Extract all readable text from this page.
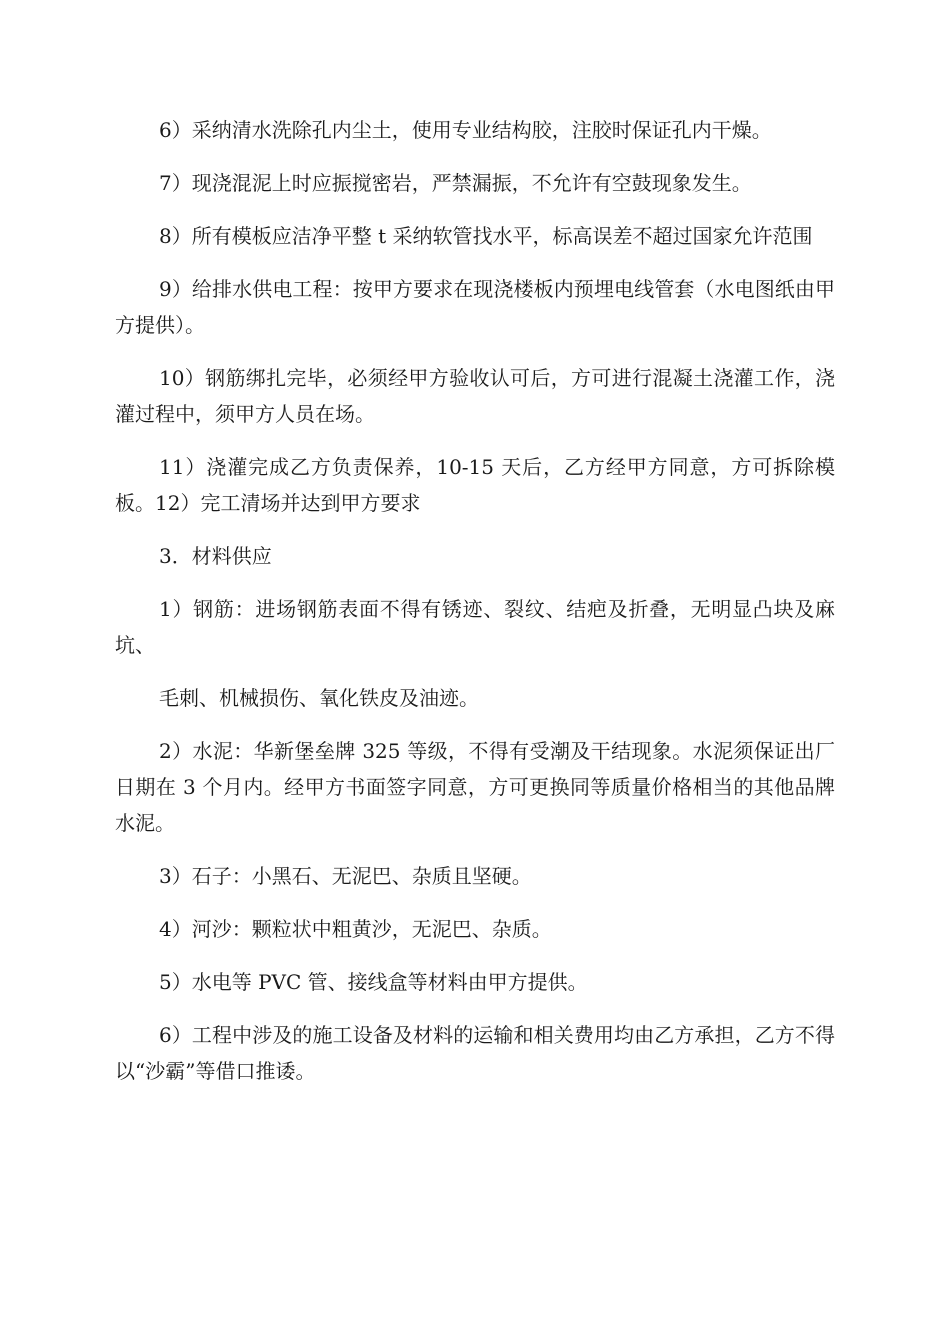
6）采纳清水洗除孔内尘土，使用专业结构胶，注胶时保证孔内干燥。

7）现浇混泥上时应振搅密岩，严禁漏振，不允许有空鼓现象发生。

8）所有模板应洁净平整 t 采纳软管找水平，标高误差不超过国家允许范围

9）给排水供电工程：按甲方要求在现浇楼板内预埋电线管套（水电图纸由甲方提供）。

10）钢筋绑扎完毕，必须经甲方验收认可后，方可进行混凝土浇灌工作，浇灌过程中，须甲方人员在场。

11）浇灌完成乙方负责保养，10-15 天后，乙方经甲方同意，方可拆除模板。12）完工清场并达到甲方要求

3．材料供应

1）钢筋：进场钢筋表面不得有锈迹、裂纹、结疤及折叠，无明显凸块及麻坑、

毛刺、机械损伤、氧化铁皮及油迹。

2）水泥：华新堡垒牌 325 等级，不得有受潮及干结现象。水泥须保证出厂日期在 3 个月内。经甲方书面签字同意，方可更换同等质量价格相当的其他品牌水泥。

3）石子：小黑石、无泥巴、杂质且坚硬。

4）河沙：颗粒状中粗黄沙，无泥巴、杂质。

5）水电等 PVC 管、接线盒等材料由甲方提供。

6）工程中涉及的施工设备及材料的运输和相关费用均由乙方承担，乙方不得以“沙霸”等借口推诿。
